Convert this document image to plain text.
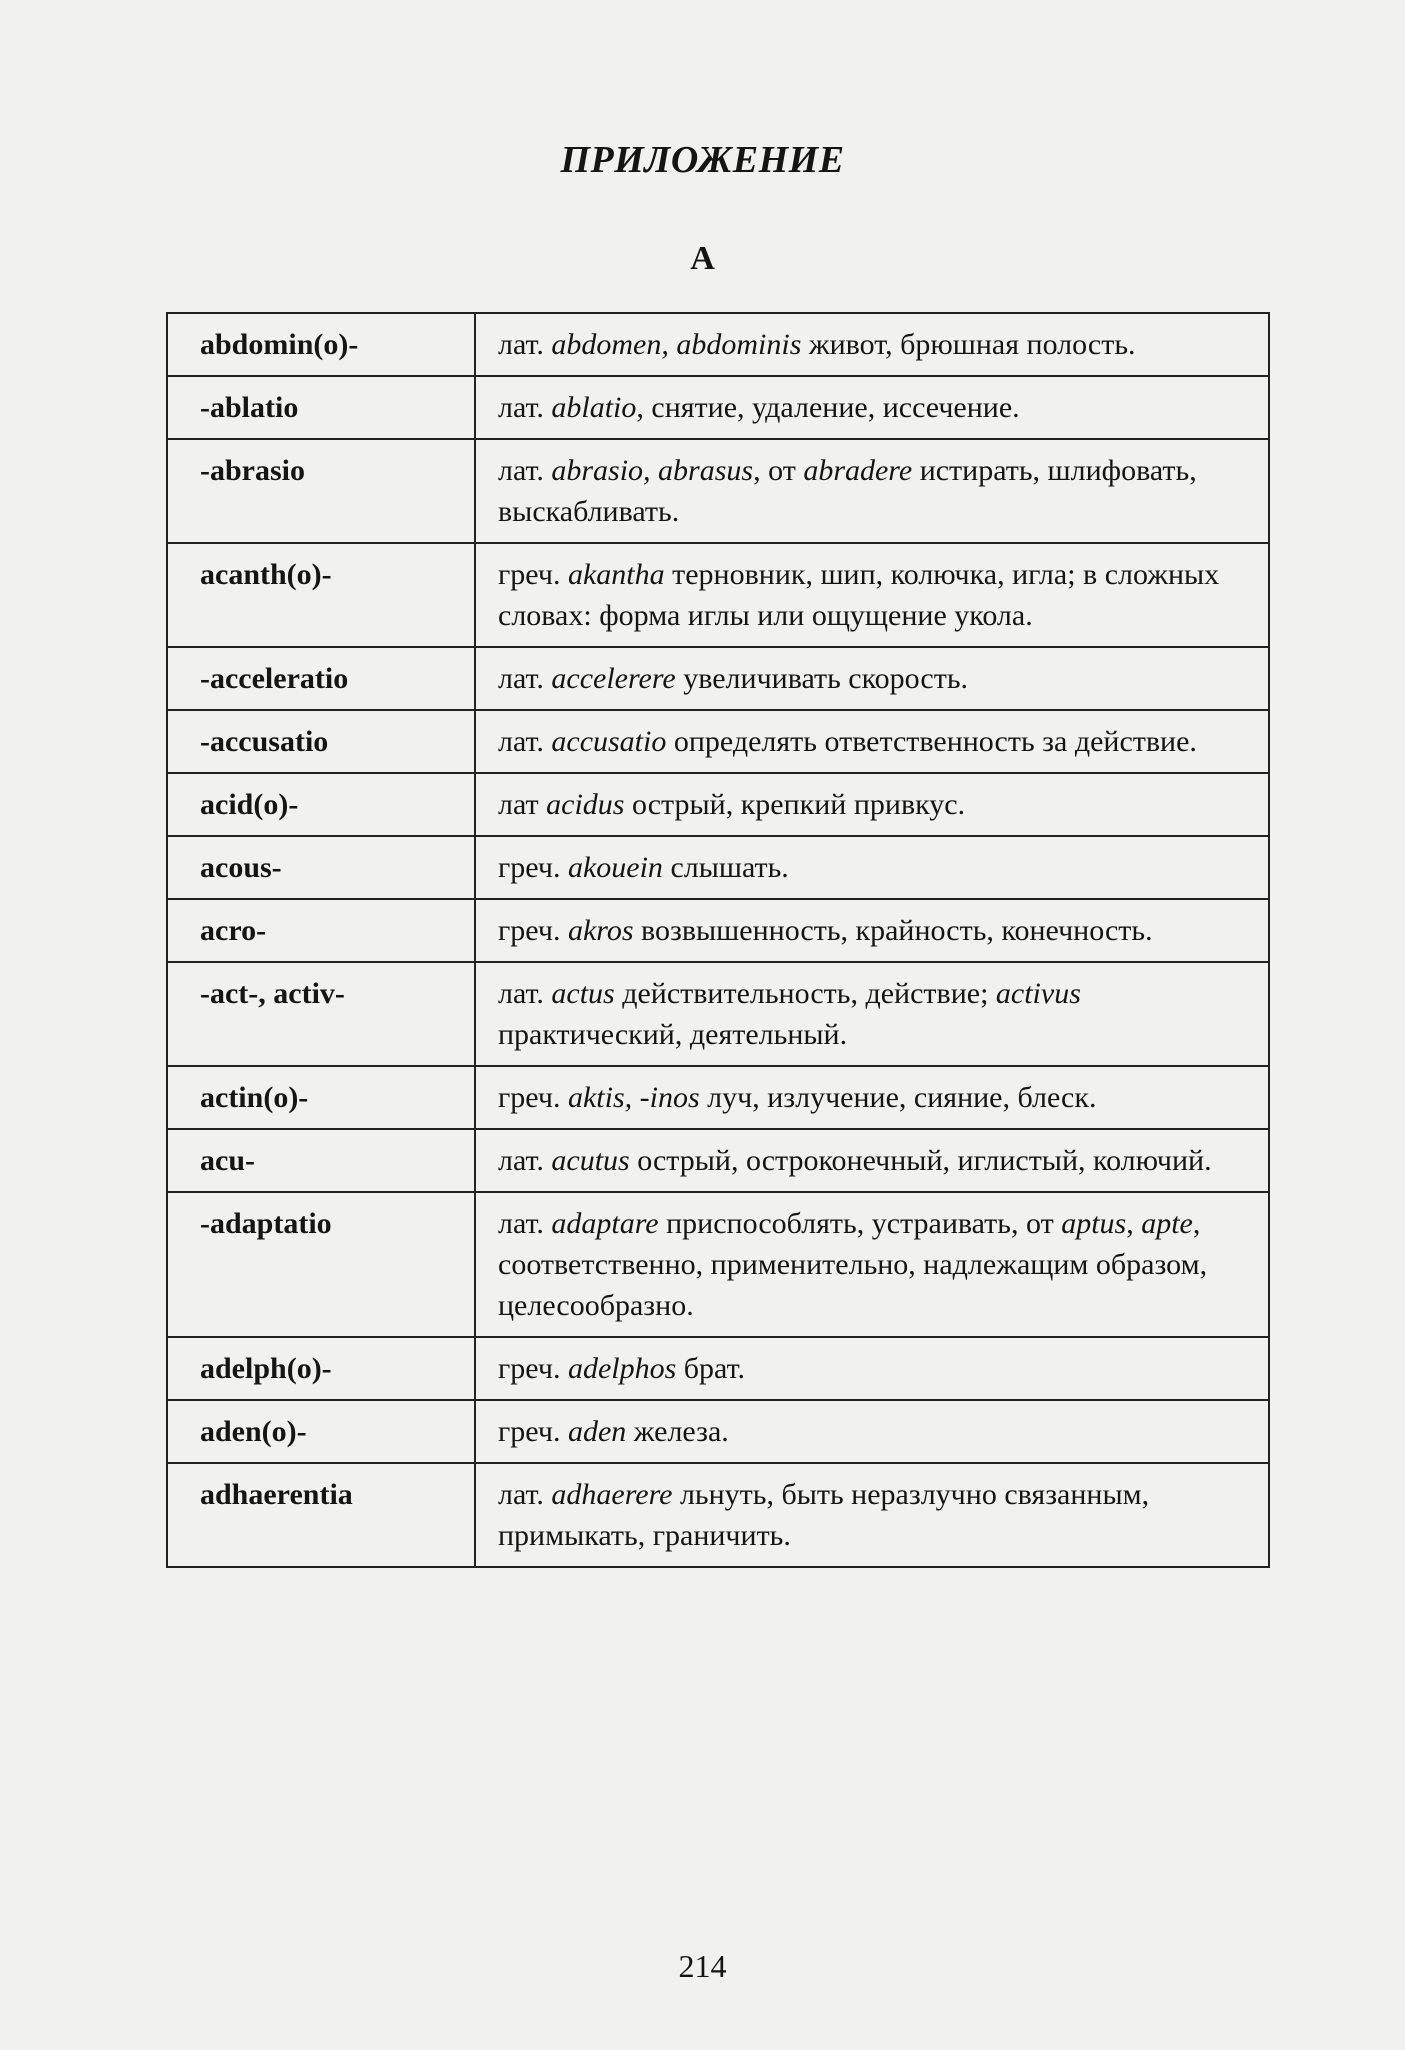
ПРИЛОЖЕНИЕ
А
abdomin(o)-	лат. abdomen, abdominis живот, брюшная полость.
-ablatio	лат. ablatio, снятие, удаление, иссечение.
-abrasio	лат. abrasio, abrasus, от abradere истирать, шлифовать, выскабливать.
acanth(o)-	греч. akantha терновник, шип, колючка, игла; в сложных словах: форма иглы или ощущение укола.
-acceleratio	лат. accelerere увеличивать скорость.
-accusatio	лат. accusatio определять ответственность за действие.
acid(o)-	лат acidus острый, крепкий привкус.
acous-	греч. akouein слышать.
acro-	греч. akros возвышенность, крайность, конечность.
-act-, activ-	лат. actus действительность, действие; activus практический, деятельный.
actin(o)-	греч. aktis, -inos луч, излучение, сияние, блеск.
acu-	лат. acutus острый, остроконечный, иглистый, колючий.
-adaptatio	лат. adaptare приспособлять, устраивать, от aptus, apte, соответственно, применительно, надлежащим образом, целесообразно.
adelph(o)-	греч. adelphos брат.
aden(o)-	греч. aden железа.
adhaerentia	лат. adhaerere льнуть, быть неразлучно связанным, примыкать, граничить.
214
